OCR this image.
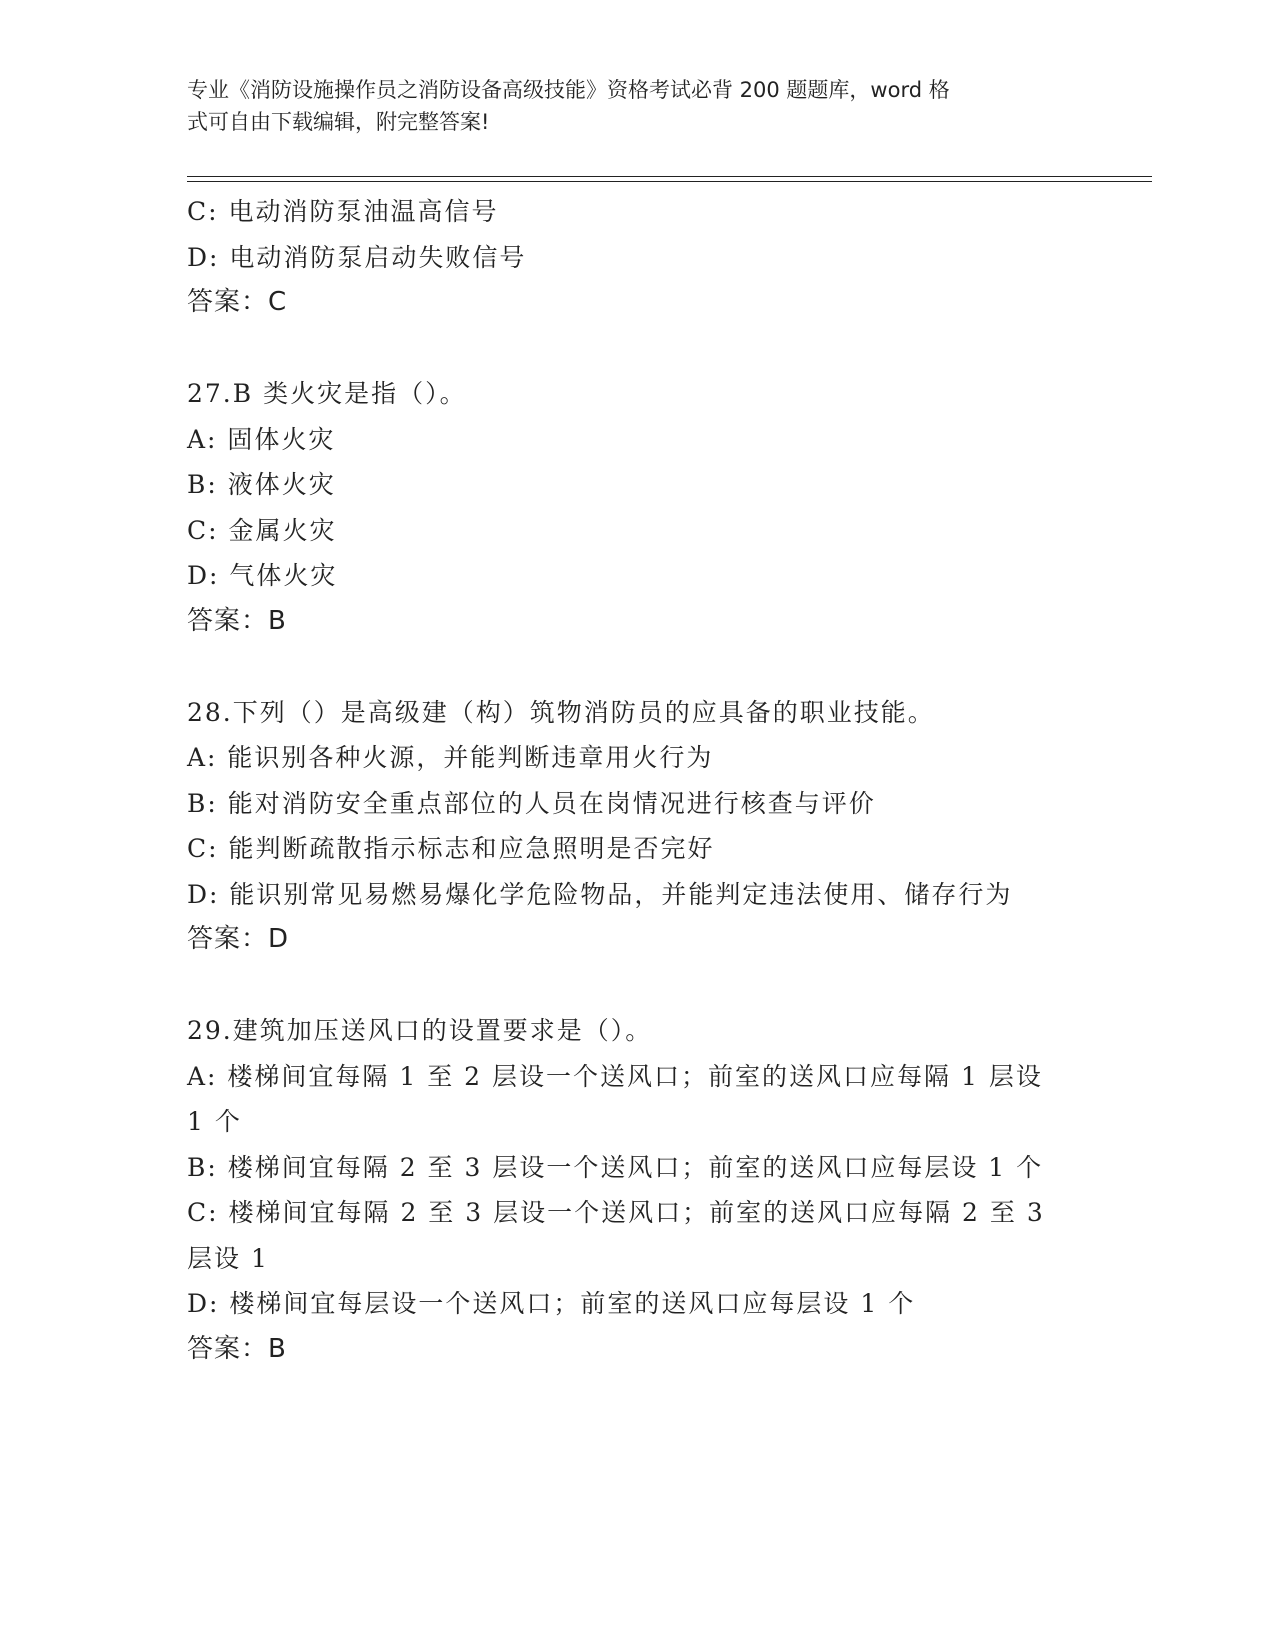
专业《消防设施操作员之消防设备高级技能》资格考试必背 200 题题库，word 格
式可自由下载编辑，附完整答案!
C: 电动消防泵油温高信号
D: 电动消防泵启动失败信号
答案：C
27.B 类火灾是指（）。
A: 固体火灾
B: 液体火灾
C: 金属火灾
D: 气体火灾
答案：B
28.下列（）是高级建（构）筑物消防员的应具备的职业技能。
A: 能识别各种火源，并能判断违章用火行为
B: 能对消防安全重点部位的人员在岗情况进行核查与评价
C: 能判断疏散指示标志和应急照明是否完好
D: 能识别常见易燃易爆化学危险物品，并能判定违法使用、储存行为
答案：D
29.建筑加压送风口的设置要求是（）。
A: 楼梯间宜每隔 1 至 2 层设一个送风口；前室的送风口应每隔 1 层设
1 个
B: 楼梯间宜每隔 2 至 3 层设一个送风口；前室的送风口应每层设 1 个
C: 楼梯间宜每隔 2 至 3 层设一个送风口；前室的送风口应每隔 2 至 3
层设 1
D: 楼梯间宜每层设一个送风口；前室的送风口应每层设 1 个
答案：B
